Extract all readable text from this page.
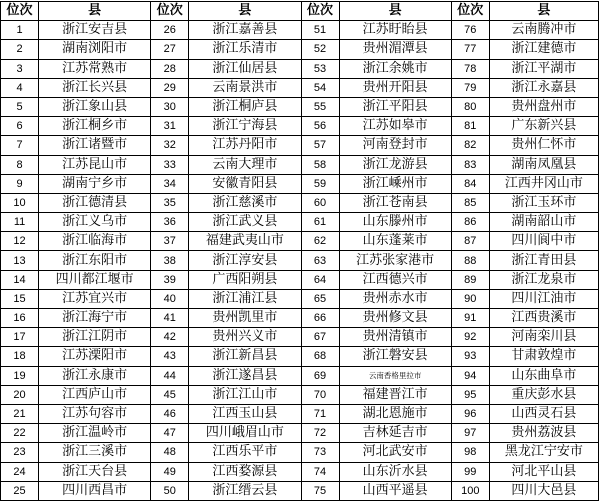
位次	县	位次	县	位次	县	位次	县
1	浙江安吉县	26	浙江嘉善县	51	江苏盱眙县	76	云南腾冲市
2	湖南浏阳市	27	浙江乐清市	52	贵州湄潭县	77	浙江建德市
3	江苏常熟市	28	浙江仙居县	53	浙江余姚市	78	浙江平湖市
4	浙江长兴县	29	云南景洪市	54	贵州开阳县	79	浙江永嘉县
5	浙江象山县	30	浙江桐庐县	55	浙江平阳县	80	贵州盘州市
6	浙江桐乡市	31	浙江宁海县	56	江苏如皋市	81	广东新兴县
7	浙江诸暨市	32	江苏丹阳市	57	河南登封市	82	贵州仁怀市
8	江苏昆山市	33	云南大理市	58	浙江龙游县	83	湖南凤凰县
9	湖南宁乡市	34	安徽青阳县	59	浙江嵊州市	84	江西井冈山市
10	浙江德清县	35	浙江慈溪市	60	浙江苍南县	85	浙江玉环市
11	浙江义乌市	36	浙江武义县	61	山东滕州市	86	湖南韶山市
12	浙江临海市	37	福建武夷山市	62	山东蓬莱市	87	四川阆中市
13	浙江东阳市	38	浙江淳安县	63	江苏张家港市	88	浙江青田县
14	四川都江堰市	39	广西阳朔县	64	江西德兴市	89	浙江龙泉市
15	江苏宜兴市	40	浙江浦江县	65	贵州赤水市	90	四川江油市
16	浙江海宁市	41	贵州凯里市	66	贵州修文县	91	江西贵溪市
17	浙江江阴市	42	贵州兴义市	67	贵州清镇市	92	河南栾川县
18	江苏溧阳市	43	浙江新昌县	68	浙江磐安县	93	甘肃敦煌市
19	浙江永康市	44	浙江遂昌县	69	云南香格里拉市	94	山东曲阜市
20	江西庐山市	45	浙江江山市	70	福建晋江市	95	重庆彭水县
21	江苏句容市	46	江西玉山县	71	湖北恩施市	96	山西灵石县
22	浙江温岭市	47	四川峨眉山市	72	吉林延吉市	97	贵州荔波县
23	浙江三溪市	48	江西乐平市	73	河北武安市	98	黑龙江宁安市
24	浙江天台县	49	江西婺源县	74	山东沂水县	99	河北平山县
25	四川西昌市	50	浙江缙云县	75	山西平遥县	100	四川大邑县
